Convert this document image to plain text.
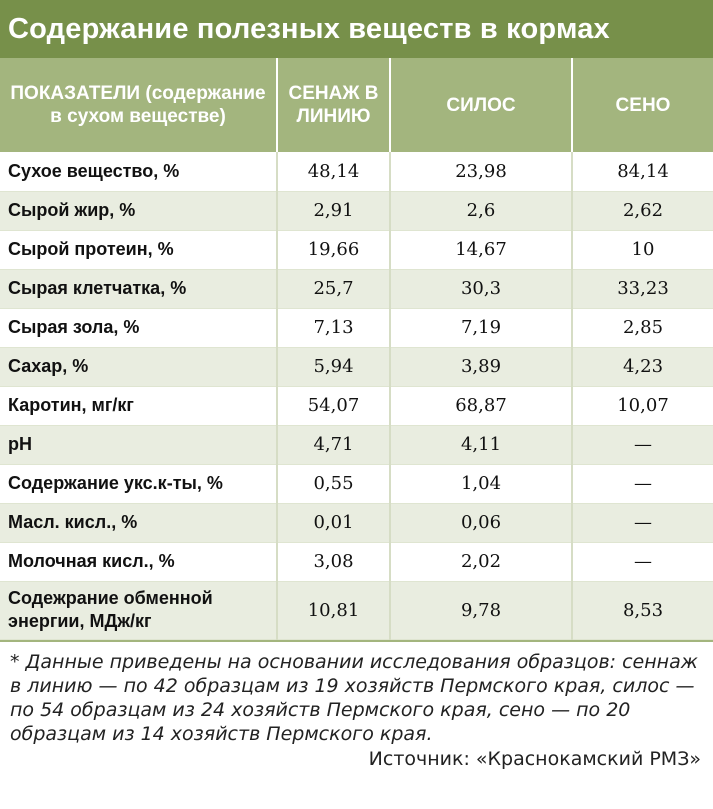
Содержание полезных веществ в кормах
ПОКАЗАТЕЛИ (содержание в сухом веществе)	СЕНАЖ В ЛИНИЮ	СИЛОС	СЕНО
Сухое вещество, %	48,14	23,98	84,14
Сырой жир, %	2,91	2,6	2,62
Сырой протеин, %	19,66	14,67	10
Сырая клетчатка, %	25,7	30,3	33,23
Сырая зола, %	7,13	7,19	2,85
Сахар, %	5,94	3,89	4,23
Каротин, мг/кг	54,07	68,87	10,07
pH	4,71	4,11	—
Содержание укс.к-ты, %	0,55	1,04	—
Масл. кисл., %	0,01	0,06	—
Молочная кисл., %	3,08	2,02	—
Содежрание обменной энергии, МДж/кг	10,81	9,78	8,53

* Данные приведены на основании исследования образцов: сеннаж в линию — по 42 образцам из 19 хозяйств Пермского края, силос — по 54 образцам из 24 хозяйств Пермского края, сено — по 20 образцам из 14 хозяйств Пермского края.

Источник: «Краснокамский РМЗ»
